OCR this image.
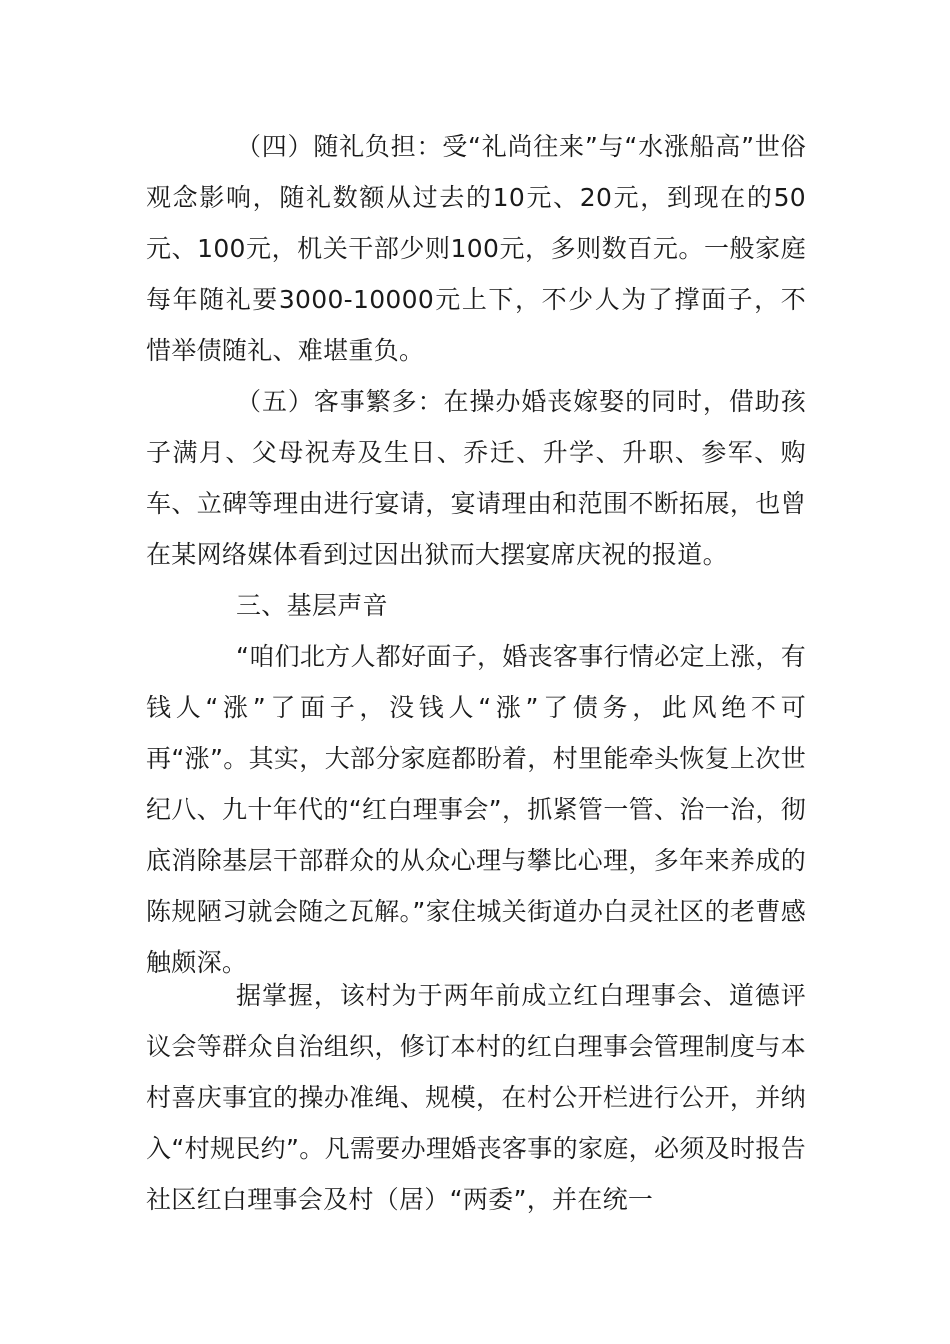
（四）随礼负担：受“礼尚往来”与“水涨船高”世俗观念影响，随礼数额从过去的10元、20元，到现在的50元、100元，机关干部少则100元，多则数百元。一般家庭每年随礼要3000-10000元上下，不少人为了撑面子，不惜举债随礼、难堪重负。

（五）客事繁多：在操办婚丧嫁娶的同时，借助孩子满月、父母祝寿及生日、乔迁、升学、升职、参军、购车、立碑等理由进行宴请，宴请理由和范围不断拓展，也曾在某网络媒体看到过因出狱而大摆宴席庆祝的报道。

三、基层声音

“咱们北方人都好面子，婚丧客事行情必定上涨，有钱人“涨”了面子，没钱人“涨”了债务，此风绝不可再“涨”。其实，大部分家庭都盼着，村里能牵头恢复上次世纪八、九十年代的“红白理事会”，抓紧管一管、治一治，彻底消除基层干部群众的从众心理与攀比心理，多年来养成的陈规陋习就会随之瓦解。”家住城关街道办白灵社区的老曹感触颇深。

据掌握，该村为于两年前成立红白理事会、道德评议会等群众自治组织，修订本村的红白理事会管理制度与本村喜庆事宜的操办准绳、规模，在村公开栏进行公开，并纳入“村规民约”。凡需要办理婚丧客事的家庭，必须及时报告社区红白理事会及村（居）“两委”，并在统一
